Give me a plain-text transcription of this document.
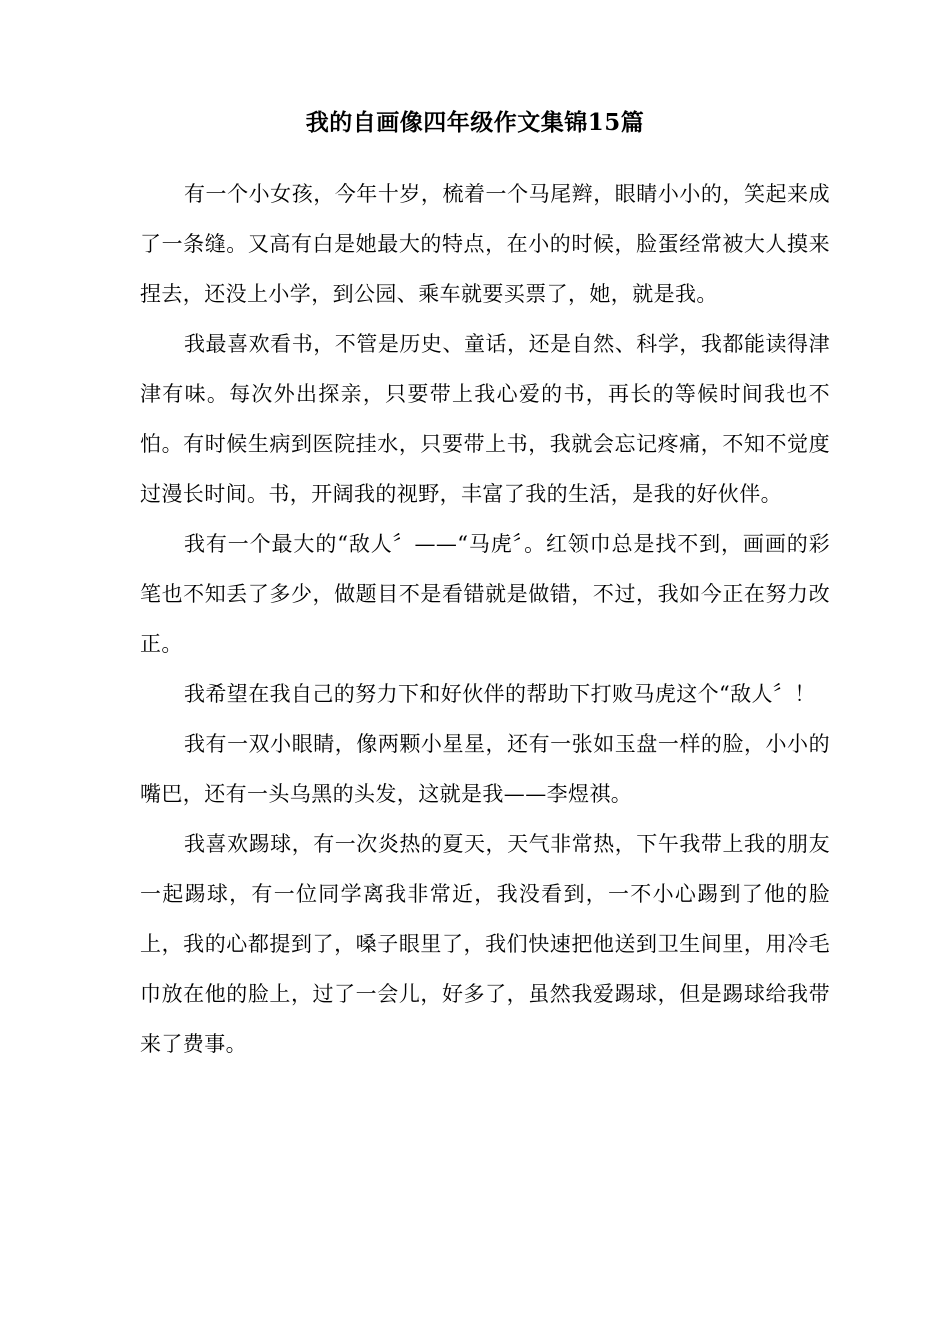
我的自画像四年级作文集锦15篇

有一个小女孩，今年十岁，梳着一个马尾辫，眼睛小小的，笑起来成了一条缝。又高有白是她最大的特点，在小的时候，脸蛋经常被大人摸来捏去，还没上小学，到公园、乘车就要买票了，她，就是我。

我最喜欢看书，不管是历史、童话，还是自然、科学，我都能读得津津有味。每次外出探亲，只要带上我心爱的书，再长的等候时间我也不怕。有时候生病到医院挂水，只要带上书，我就会忘记疼痛，不知不觉度过漫长时间。书，开阔我的视野，丰富了我的生活，是我的好伙伴。

我有一个最大的“敌人〞——“马虎〞。红领巾总是找不到，画画的彩笔也不知丢了多少，做题目不是看错就是做错，不过，我如今正在努力改正。

我希望在我自己的努力下和好伙伴的帮助下打败马虎这个“敌人〞！

我有一双小眼睛，像两颗小星星，还有一张如玉盘一样的脸，小小的嘴巴，还有一头乌黑的头发，这就是我——李煜祺。

我喜欢踢球，有一次炎热的夏天，天气非常热，下午我带上我的朋友一起踢球，有一位同学离我非常近，我没看到，一不小心踢到了他的脸上，我的心都提到了，嗓子眼里了，我们快速把他送到卫生间里，用冷毛巾放在他的脸上，过了一会儿，好多了，虽然我爱踢球，但是踢球给我带来了费事。
